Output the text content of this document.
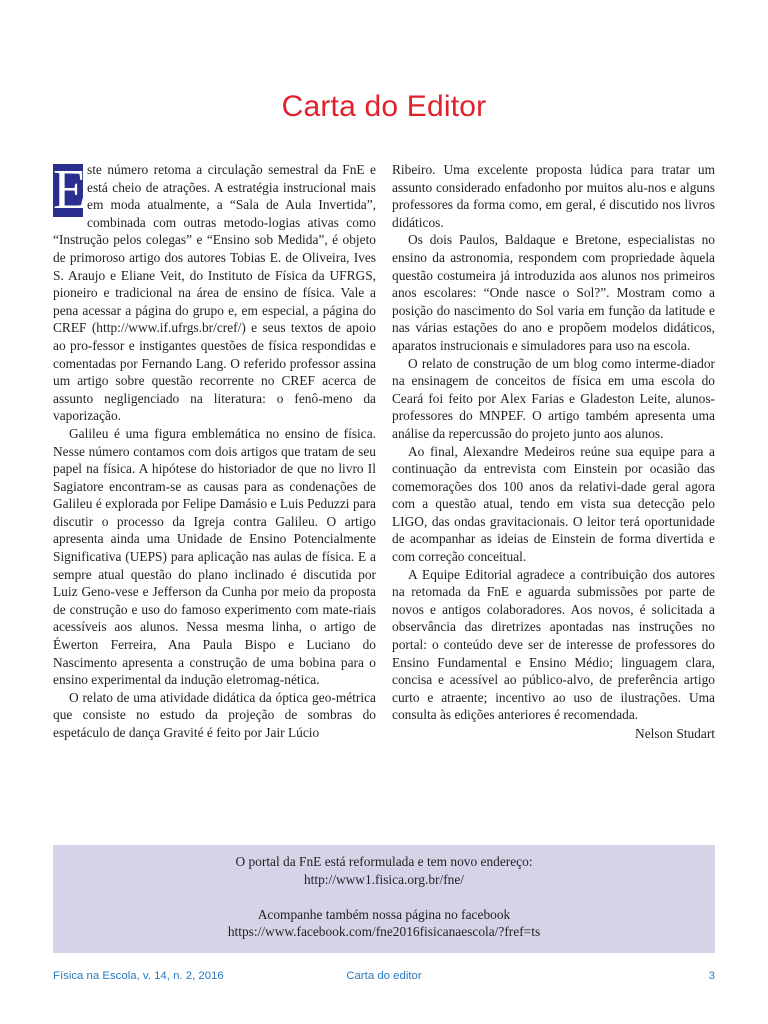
Carta do Editor

E ste número retoma a circulação semestral da FnE e está cheio de atrações. A estratégia instrucional mais em moda atualmente, a “Sala de Aula Invertida”, combinada com outras metodo-logias ativas como “Instrução pelos colegas” e “Ensino sob Medida”, é objeto de primoroso artigo dos autores Tobias E. de Oliveira, Ives S. Araujo e Eliane Veit, do Instituto de Física da UFRGS, pioneiro e tradicional na área de ensino de física. Vale a pena acessar a página do grupo e, em especial, a página do CREF (http://www.if.ufrgs.br/cref/) e seus textos de apoio ao pro-fessor e instigantes questões de física respondidas e comentadas por Fernando Lang. O referido professor assina um artigo sobre questão recorrente no CREF acerca de assunto negligenciado na literatura: o fenô-meno da vaporização.

Galileu é uma figura emblemática no ensino de física. Nesse número contamos com dois artigos que tratam de seu papel na física. A hipótese do historiador de que no livro Il Sagiatore encontram-se as causas para as condenações de Galileu é explorada por Felipe Damásio e Luis Peduzzi para discutir o processo da Igreja contra Galileu. O artigo apresenta ainda uma Unidade de Ensino Potencialmente Significativa (UEPS) para aplicação nas aulas de física. E a sempre atual questão do plano inclinado é discutida por Luiz Geno-vese e Jefferson da Cunha por meio da proposta de construção e uso do famoso experimento com mate-riais acessíveis aos alunos. Nessa mesma linha, o artigo de Éwerton Ferreira, Ana Paula Bispo e Luciano do Nascimento apresenta a construção de uma bobina para o ensino experimental da indução eletromag-nética.

O relato de uma atividade didática da óptica geo-métrica que consiste no estudo da projeção de sombras do espetáculo de dança Gravité é feito por Jair Lúcio

Ribeiro. Uma excelente proposta lúdica para tratar um assunto considerado enfadonho por muitos alu-nos e alguns professores da forma como, em geral, é discutido nos livros didáticos.

Os dois Paulos, Baldaque e Bretone, especialistas no ensino da astronomia, respondem com propriedade àquela questão costumeira já introduzida aos alunos nos primeiros anos escolares: “Onde nasce o Sol?”. Mostram como a posição do nascimento do Sol varia em função da latitude e nas várias estações do ano e propõem modelos didáticos, aparatos instrucionais e simuladores para uso na escola.

O relato de construção de um blog como interme-diador na ensinagem de conceitos de física em uma escola do Ceará foi feito por Alex Farias e Gladeston Leite, alunos-professores do MNPEF. O artigo também apresenta uma análise da repercussão do projeto junto aos alunos.

Ao final, Alexandre Medeiros reúne sua equipe para a continuação da entrevista com Einstein por ocasião das comemorações dos 100 anos da relativi-dade geral agora com a questão atual, tendo em vista sua detecção pelo LIGO, das ondas gravitacionais. O leitor terá oportunidade de acompanhar as ideias de Einstein de forma divertida e com correção conceitual.

A Equipe Editorial agradece a contribuição dos autores na retomada da FnE e aguarda submissões por parte de novos e antigos colaboradores. Aos novos, é solicitada a observância das diretrizes apontadas nas instruções no portal: o conteúdo deve ser de interesse de professores do Ensino Fundamental e Ensino Médio; linguagem clara, concisa e acessível ao público-alvo, de preferência artigo curto e atraente; incentivo ao uso de ilustrações. Uma consulta às edições anteriores é recomendada.

Nelson Studart
O portal da FnE está reformulada e tem novo endereço:
http://www1.fisica.org.br/fne/
Acompanhe também nossa página no facebook
https://www.facebook.com/fne2016fisicanaescola/?fref=ts
Física na Escola, v. 14, n. 2, 2016	Carta do editor	3
